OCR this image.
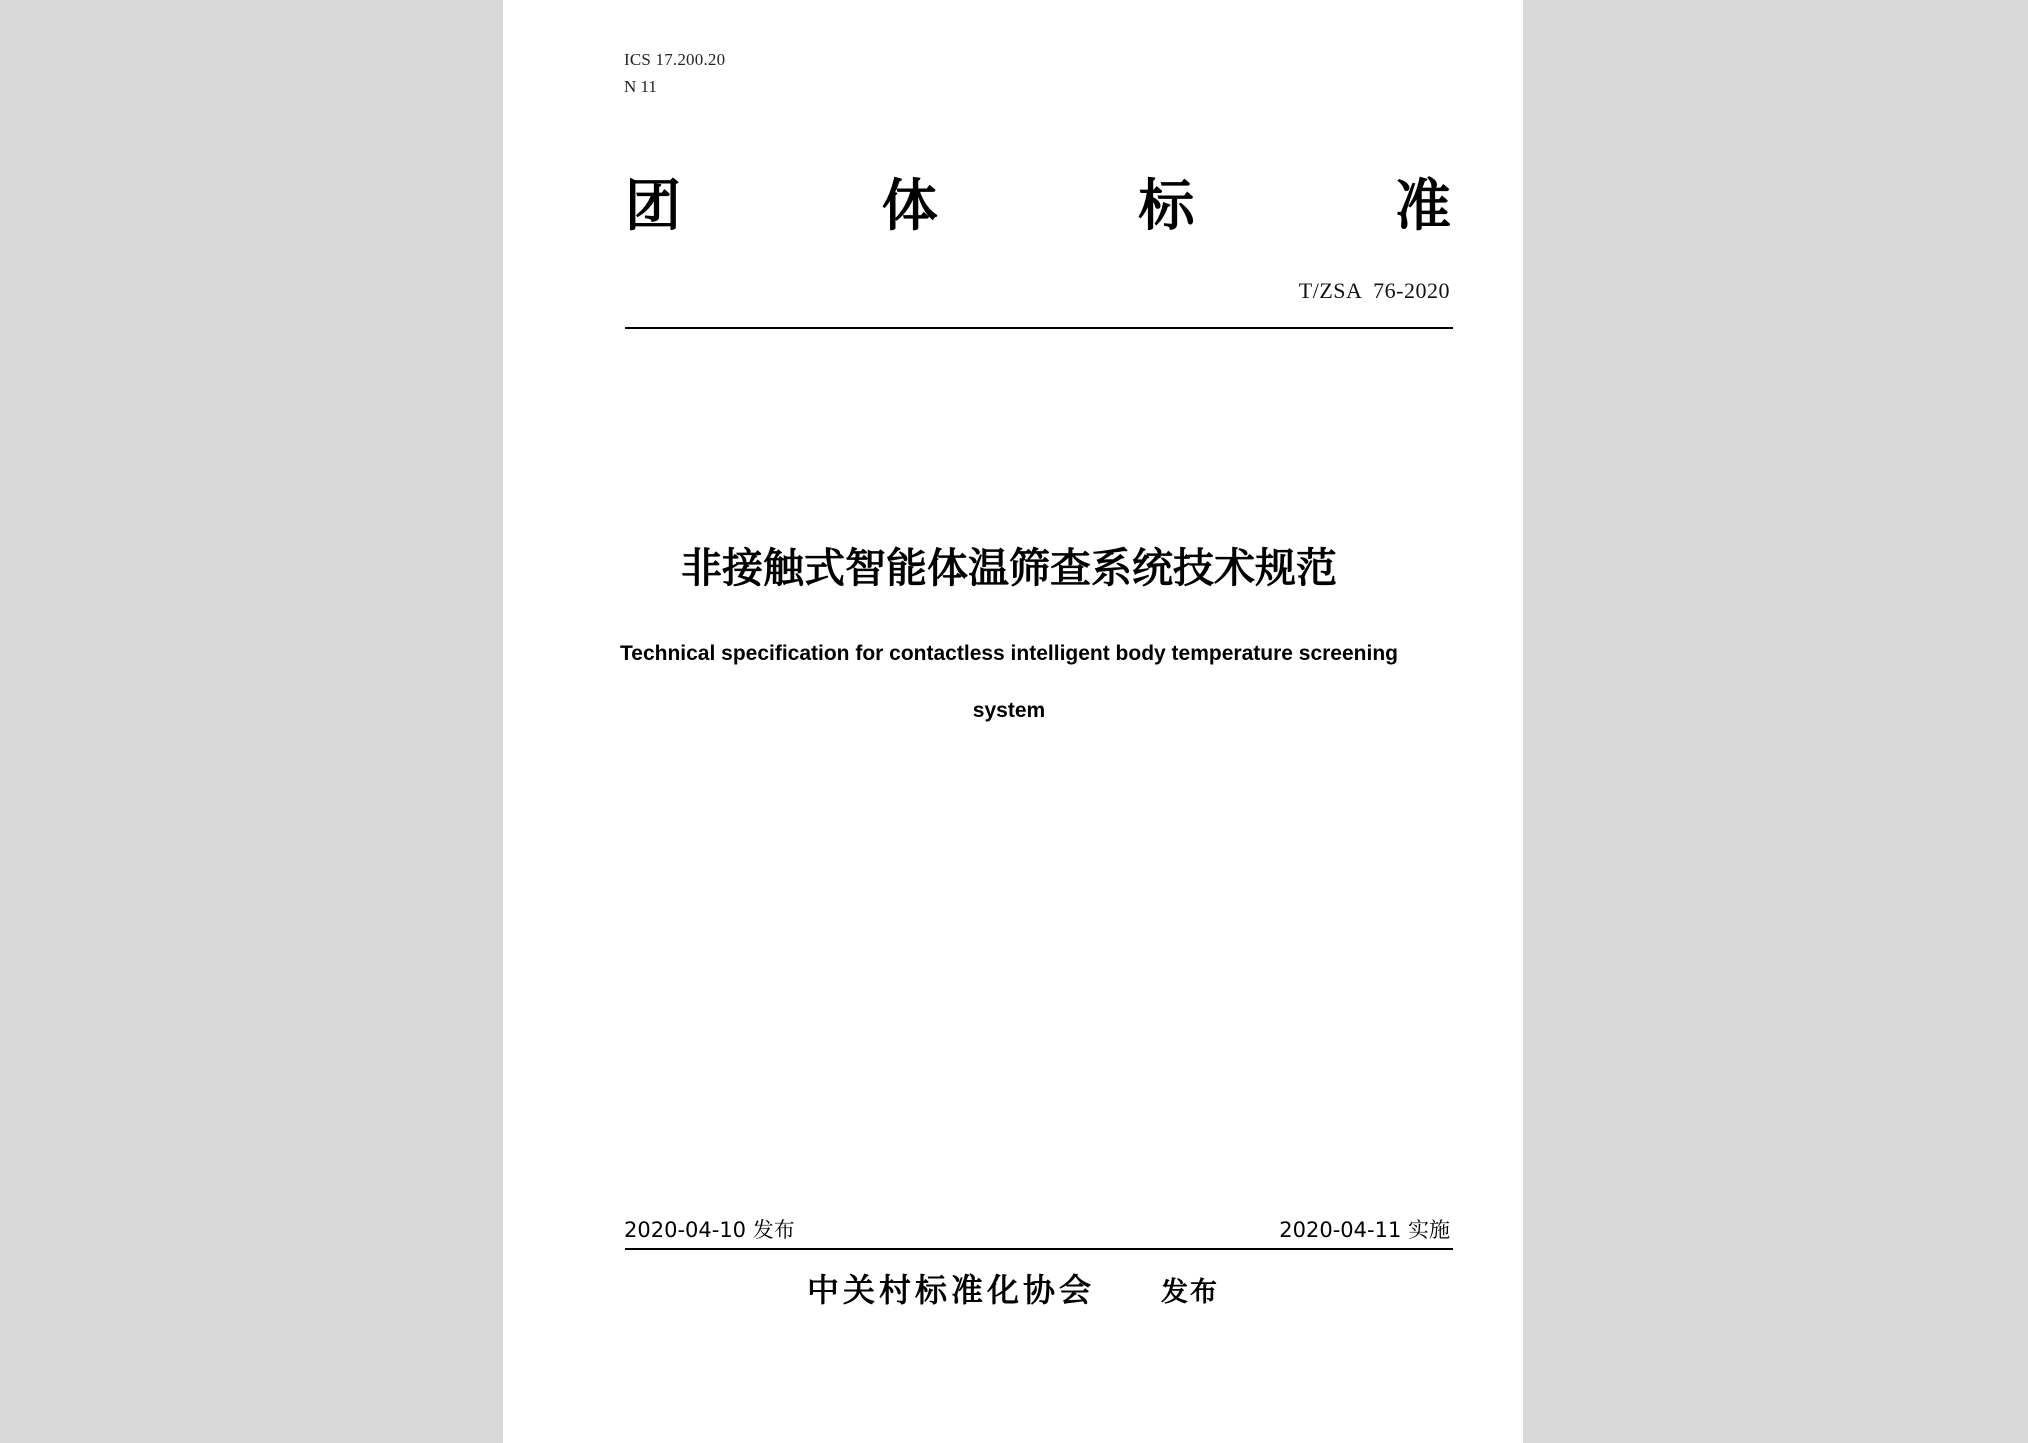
ICS 17.200.20

N 11

团	体	标	准

T/ZSA  76-2020

非接触式智能体温筛查系统技术规范

Technical specification for contactless intelligent body temperature screening

system

2020-04-10 发布	2020-04-11 实施

中关村标准化协会 发布
